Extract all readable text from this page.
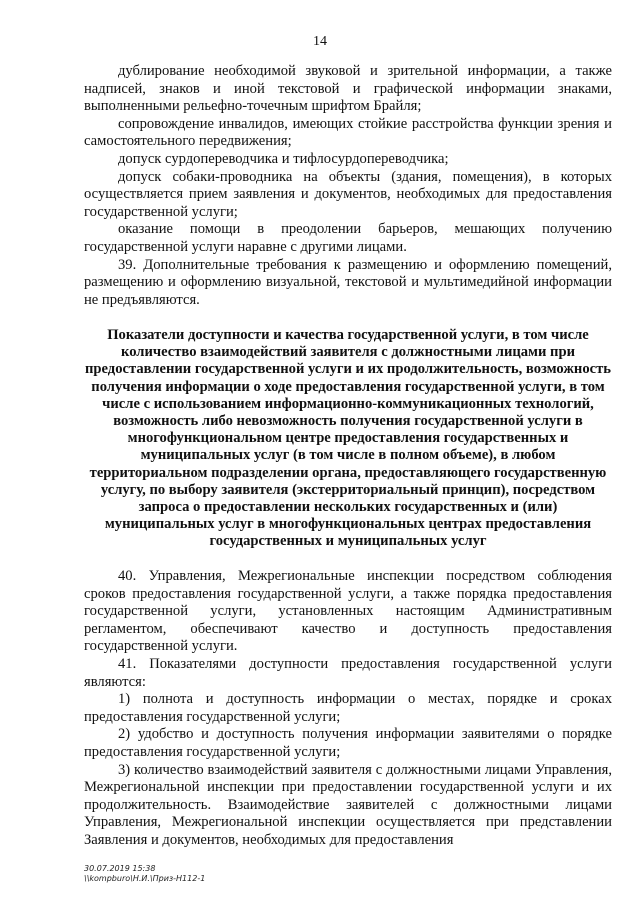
14

дублирование необходимой звуковой и зрительной информации, а также надписей, знаков и иной текстовой и графической информации знаками, выполненными рельефно-точечным шрифтом Брайля;

сопровождение инвалидов, имеющих стойкие расстройства функции зрения и самостоятельного передвижения;

допуск сурдопереводчика и тифлосурдопереводчика;

допуск собаки-проводника на объекты (здания, помещения), в которых осуществляется прием заявления и документов, необходимых для предоставления государственной услуги;

оказание помощи в преодолении барьеров, мешающих получению государственной услуги наравне с другими лицами.

39. Дополнительные требования к размещению и оформлению помещений, размещению и оформлению визуальной, текстовой и мультимедийной информации не предъявляются.

Показатели доступности и качества государственной услуги, в том числе количество взаимодействий заявителя с должностными лицами при предоставлении государственной услуги и их продолжительность, возможность получения информации о ходе предоставления государственной услуги, в том числе с использованием информационно-коммуникационных технологий, возможность либо невозможность получения государственной услуги в многофункциональном центре предоставления государственных и муниципальных услуг (в том числе в полном объеме), в любом территориальном подразделении органа, предоставляющего государственную услугу, по выбору заявителя (экстерриториальный принцип), посредством запроса о предоставлении нескольких государственных и (или) муниципальных услуг в многофункциональных центрах предоставления государственных и муниципальных услуг

40. Управления, Межрегиональные инспекции посредством соблюдения сроков предоставления государственной услуги, а также порядка предоставления государственной услуги, установленных настоящим Административным регламентом, обеспечивают качество и доступность предоставления государственной услуги.

41. Показателями доступности предоставления государственной услуги являются:

1) полнота и доступность информации о местах, порядке и сроках предоставления государственной услуги;

2) удобство и доступность получения информации заявителями о порядке предоставления государственной услуги;

3) количество взаимодействий заявителя с должностными лицами Управления, Межрегиональной инспекции при предоставлении государственной услуги и их продолжительность. Взаимодействие заявителей с должностными лицами Управления, Межрегиональной инспекции осуществляется при представлении Заявления и документов, необходимых для предоставления

30.07.2019 15:38
\\kompburo\Н.И.\Приз-Н112-1
